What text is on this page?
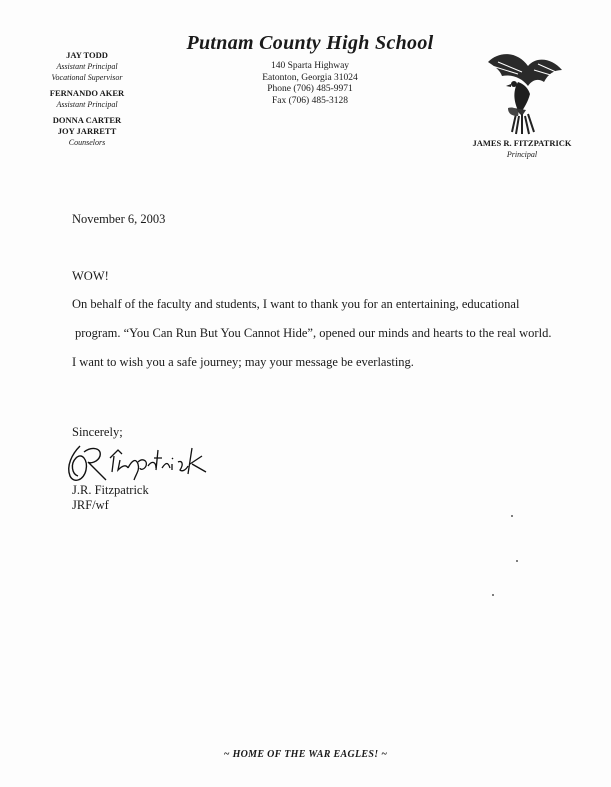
JAY TODD
Assistant Principal
Vocational Supervisor
FERNANDO AKER
Assistant Principal
DONNA CARTER
JOY JARRETT
Counselors
Putnam County High School
140 Sparta Highway
Eatonton, Georgia 31024
Phone (706) 485-9971
Fax (706) 485-3128
JAMES R. FITZPATRICK
Principal
November 6, 2003
WOW!
On behalf of the faculty and students, I want to thank you for an entertaining, educational
program. “You Can Run But You Cannot Hide”, opened our minds and hearts to the real world.
I want to wish you a safe journey; may your message be everlasting.
Sincerely;
J.R. Fitzpatrick
JRF/wf
~ HOME OF THE WAR EAGLES! ~
